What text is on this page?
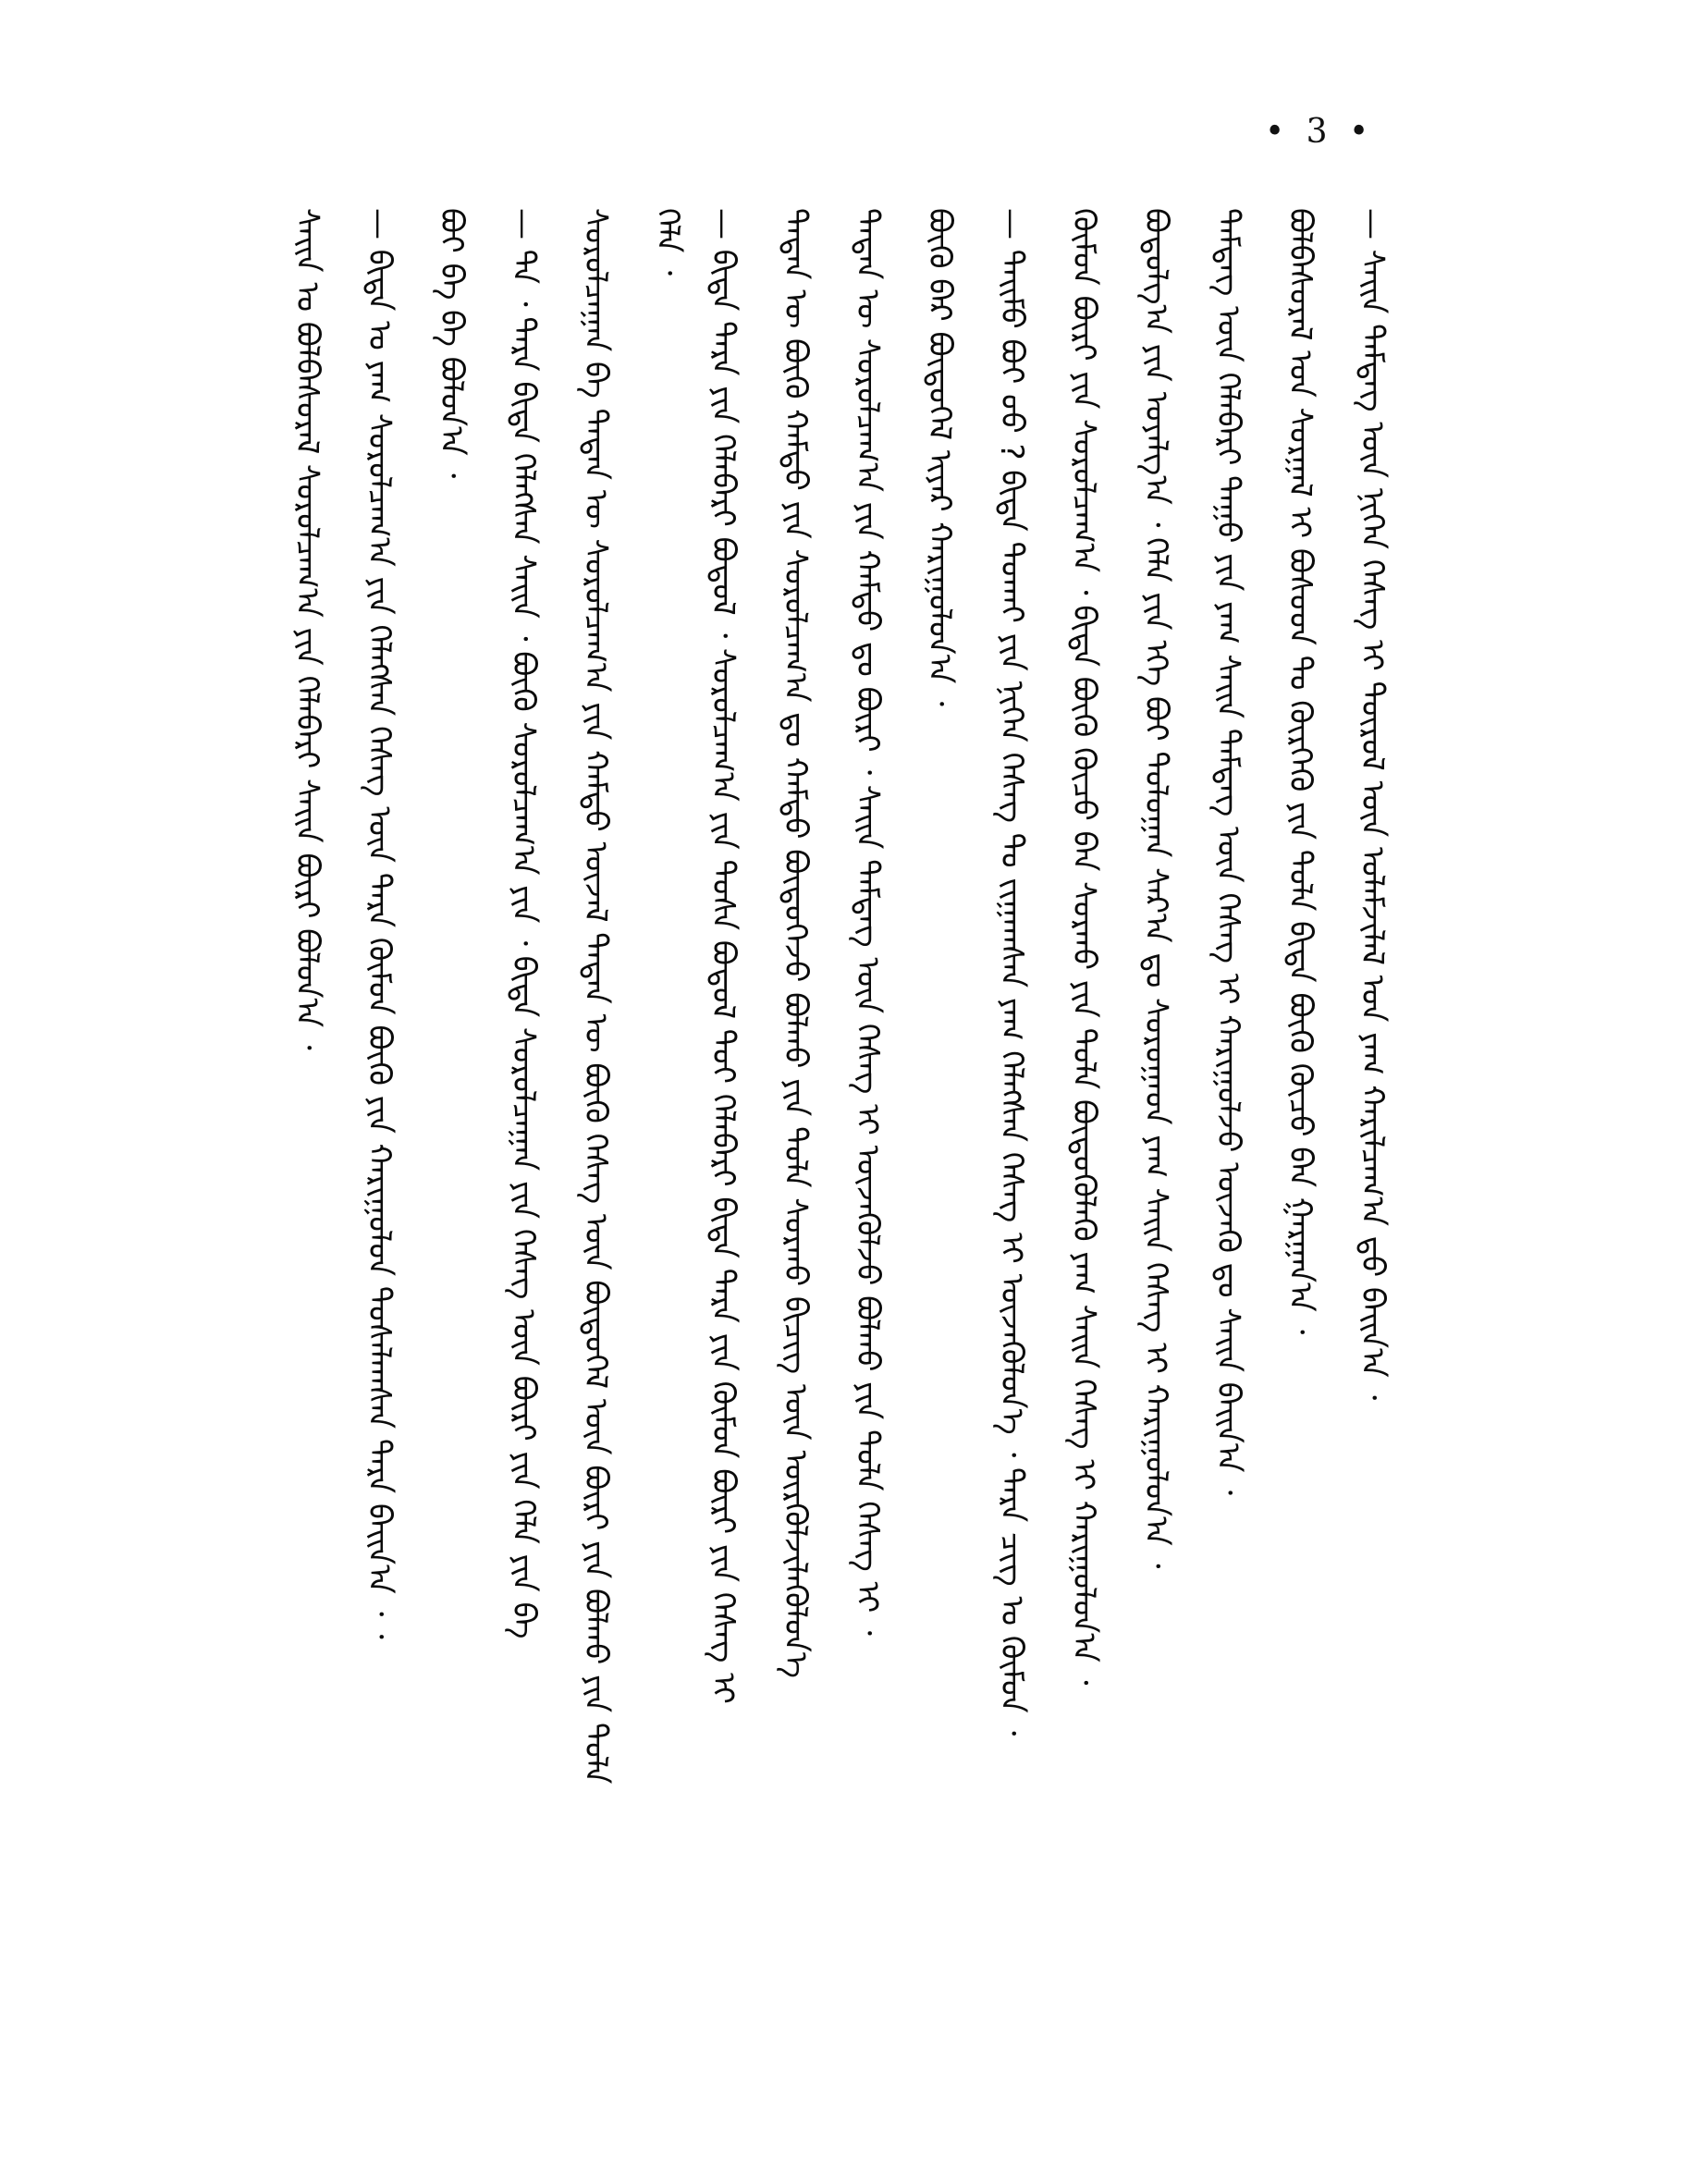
• 3 •
— ᠰᠠᠢᠨ ᠲᠡᠮᠳᠡᠭ ᠦᠨ ᠨᠢᠭᠡᠨ ᠬᠡᠰᠡᠭ ᠢ ᠲᠦᠷᠦᠯ ᠦᠨ ᠤᠯᠠᠮᠵᠢᠯᠠᠯ ᠤᠨ ᠶᠠᠭ ᠬᠠᠷᠢᠯᠴᠠᠭ᠎ᠠ ᠳ᠋ᠤ ᠪᠠᠢᠨ᠎ᠠ ᠂
ᠪᠣᠯᠪᠠᠰᠤᠷᠠᠯ ᠤᠨ ᠰᠤᠷᠭᠠᠯ ᠢ ᠪᠤᠰᠤᠳ ᠲᠤ ᠬᠦᠷᠭᠡᠬᠦ ᠶᠢᠨ ᠲᠤᠯᠠ ᠪᠢᠳᠡ ᠪᠦᠬᠦ ᠬᠦᠴᠦ ᠪᠡᠨ ᠭᠠᠷᠭᠠᠨ᠎ᠠ ᠂
ᠲᠡᠮᠳᠡᠭ ᠦᠨ ᠬᠡᠯᠡᠪᠡᠷᠢ ᠳᠠᠭᠤ ᠶᠢᠨ ᠶᠠᠭ ᠰᠠᠢᠨ ᠲᠡᠮᠳᠡᠭ ᠦᠨ ᠬᠡᠰᠡᠭ ᠢ ᠬᠠᠷᠢᠭᠤᠯᠵᠤ ᠦᠵᠡᠬᠦ ᠳᠤ ᠰᠠᠢᠨ ᠪᠠᠢᠨ᠎ᠠ ᠂
ᠪᠣᠳᠣᠯᠭ᠎ᠠ ᠶᠢᠨ ᠤᠶᠠᠯᠭ᠎ᠠ ᠂ ᠬᠡᠯᠡ ᠶᠢᠨ ᠡᠬᠡ ᠪᠣᠢ ᠳᠣᠯᠤᠭᠠᠨ ᠰᠠᠷ᠎ᠠ ᠳᠤ ᠰᠤᠷᠤᠭᠠᠳ ᠶᠠᠭ ᠰᠠᠢᠨ ᠬᠡᠰᠡᠭ ᠢ ᠬᠠᠷᠢᠭᠤᠯᠤᠨ᠎ᠠ ᠂
ᠬᠦᠮᠦᠨ ᠪᠦᠷᠢ ᠶᠢᠨ ᠰᠤᠷᠤᠯᠴᠠᠭ᠎ᠠ ᠂ ᠪᠢᠳᠡ ᠪᠦᠬᠦ ᠬᠦᠴᠦ ᠪᠡᠨ ᠰᠤᠷᠬᠤ ᠶᠢᠨ ᠲᠤᠯᠠ ᠪᠦᠳᠦᠭᠦᠯᠡᠬᠦ ᠶᠠᠭ ᠰᠠᠢᠨ ᠬᠡᠰᠡᠭ ᠢ ᠬᠠᠷᠢᠭᠤᠯᠤᠨ᠎ᠠ ᠂
— ᠲᠡᠢᠮᠦ ᠪᠣᠢ ᠤᠤ ? ᠪᠢᠳᠡ ᠲᠤᠬᠠᠢ ᠶᠢᠨ ᠨᠢᠭᠡᠨ ᠬᠡᠰᠡᠭ ᠲᠤ ᠵᠢᠭᠠᠭᠰᠠᠨ ᠶᠠᠭ ᠬᠡᠯᠡᠭᠰᠡᠨ ᠬᠡᠰᠡᠭ ᠢ ᠦᠵᠡᠭᠦᠯᠦᠨ᠎ᠡ ᠂ ᠲᠡᠷᠡ ᠴᠢᠭ ᠤ ᠬᠦᠮᠦᠨ ᠂
ᠪᠦᠬᠦ ᠪᠡᠷ ᠪᠦᠲᠦᠭᠡᠯ ᠢᠶᠡᠷ ᠬᠠᠷᠢᠭᠤᠯᠤᠨ᠎ᠠ ᠂
ᠲᠡᠳᠡᠨ ᠦ ᠰᠤᠷᠤᠯᠴᠠᠭ᠎ᠠ ᠶᠢᠨ ᠬᠠᠮᠲᠤ ᠳᠤ ᠪᠦᠷᠢ ᠂ ᠰᠠᠢᠨ ᠲᠡᠮᠳᠡᠭ ᠦᠨ ᠬᠡᠰᠡᠭ ᠢ ᠦᠵᠡᠭᠦᠯᠵᠦ ᠪᠣᠯᠬᠤ ᠶᠢᠨ ᠲᠤᠯᠠ ᠬᠡᠰᠡᠭ ᠢ ᠂
ᠲᠡᠳᠡᠨ ᠦ ᠪᠦᠬᠦ ᠬᠠᠮᠲᠤ ᠶᠢᠨ ᠰᠤᠷᠤᠯᠴᠠᠭ᠎ᠠ ᠳᠤ ᠬᠠᠮᠲᠤ ᠪᠦᠲᠦᠭᠡᠵᠦ ᠪᠣᠯᠬᠤ ᠶᠢᠨ ᠲᠤᠯᠠ ᠰᠤᠷᠬᠤ ᠪᠢᠴᠢᠭ ᠦᠨ ᠦᠷᠭᠦᠯᠵᠢᠯᠡᠭᠦᠯᠦᠨ᠎ᠡ
— ᠪᠢᠳᠡ ᠲᠡᠷᠡ ᠶᠢᠨ ᠬᠡᠯᠡᠪᠡᠷᠢ ᠪᠣᠳᠣᠯ ᠂ ᠰᠤᠷᠤᠯᠴᠠᠭ᠎ᠠ ᠶᠢᠨ ᠲᠤᠰᠠ ᠪᠣᠳᠣᠯ ᠲᠤᠢ ᠬᠡᠯᠡᠪᠡᠷᠢ ᠪᠢᠳᠡ ᠲᠡᠷᠡ ᠶᠢᠨ ᠬᠦᠮᠦᠨ ᠪᠦᠷᠢ ᠶᠢᠨ ᠬᠡᠰᠡᠭ ᠢ
ᠬᠡᠯᠡ ᠂
ᠰᠤᠷᠤᠯᠴᠠᠭᠠᠨ ᠪᠠ ᠲᠡᠳᠡᠨ ᠦ ᠰᠤᠷᠤᠯᠴᠠᠭ᠎ᠠ ᠶᠢᠨ ᠬᠠᠮᠲᠤ ᠦᠵᠡᠯ ᠲᠡᠳᠡᠨ ᠦ ᠪᠦᠬᠦ ᠬᠡᠰᠡᠭ ᠦᠨ ᠪᠦᠲᠦᠭᠡᠯ ᠦᠨ ᠪᠦᠷᠢ ᠶᠢᠨ ᠪᠣᠯᠬᠤ ᠶᠢᠨ ᠲᠤᠯᠠ
— ᠲᠡ ᠂ ᠲᠡᠷᠡ ᠪᠢᠳᠡ ᠬᠡᠯᠡᠭᠰᠡᠨ ᠰᠠᠢᠨ ᠂ ᠪᠦᠬᠦ ᠰᠤᠷᠤᠯᠴᠠᠭ᠎ᠠ ᠶᠢᠨ ᠂ ᠪᠢᠳᠡ ᠰᠤᠷᠤᠯᠴᠠᠭᠠᠨ ᠶᠢᠨ ᠬᠡᠰᠡᠭ ᠦᠨ ᠪᠦᠷᠢ ᠶᠢᠨ ᠬᠡᠯᠡ ᠶᠢᠨ ᠪᠠ
ᠪᠣᠢ ᠪᠠ ᠪᠠ ᠪᠣᠯᠤᠨ᠎ᠠ ᠂
— ᠪᠢᠳᠡ ᠤ ᠶᠠᠭ ᠰᠤᠷᠤᠯᠴᠠᠭ᠎ᠠ ᠶᠢᠨ ᠬᠡᠯᠡᠭᠰᠡᠨ ᠬᠡᠰᠡᠭ ᠦᠨ ᠲᠡᠷᠡ ᠬᠦᠮᠦᠨ ᠪᠦᠬᠦ ᠶᠢᠨ ᠬᠠᠷᠢᠭᠤᠯᠤᠨ ᠲᠤᠰᠠᠯᠠᠭᠰᠠᠨ ᠲᠡᠷᠡ ᠪᠠᠢᠨ᠎ᠠ ᠂ ᠂
ᠰᠠᠢᠨ ᠤ ᠪᠣᠯᠪᠠᠰᠤᠷᠠᠯ ᠰᠤᠷᠤᠯᠴᠠᠭ᠎ᠠ ᠶᠢᠨ ᠬᠡᠯᠡᠪᠡᠷᠢ ᠰᠠᠢᠨ ᠪᠦᠷᠢ ᠪᠣᠯᠤᠨ᠎ᠠ ᠂
